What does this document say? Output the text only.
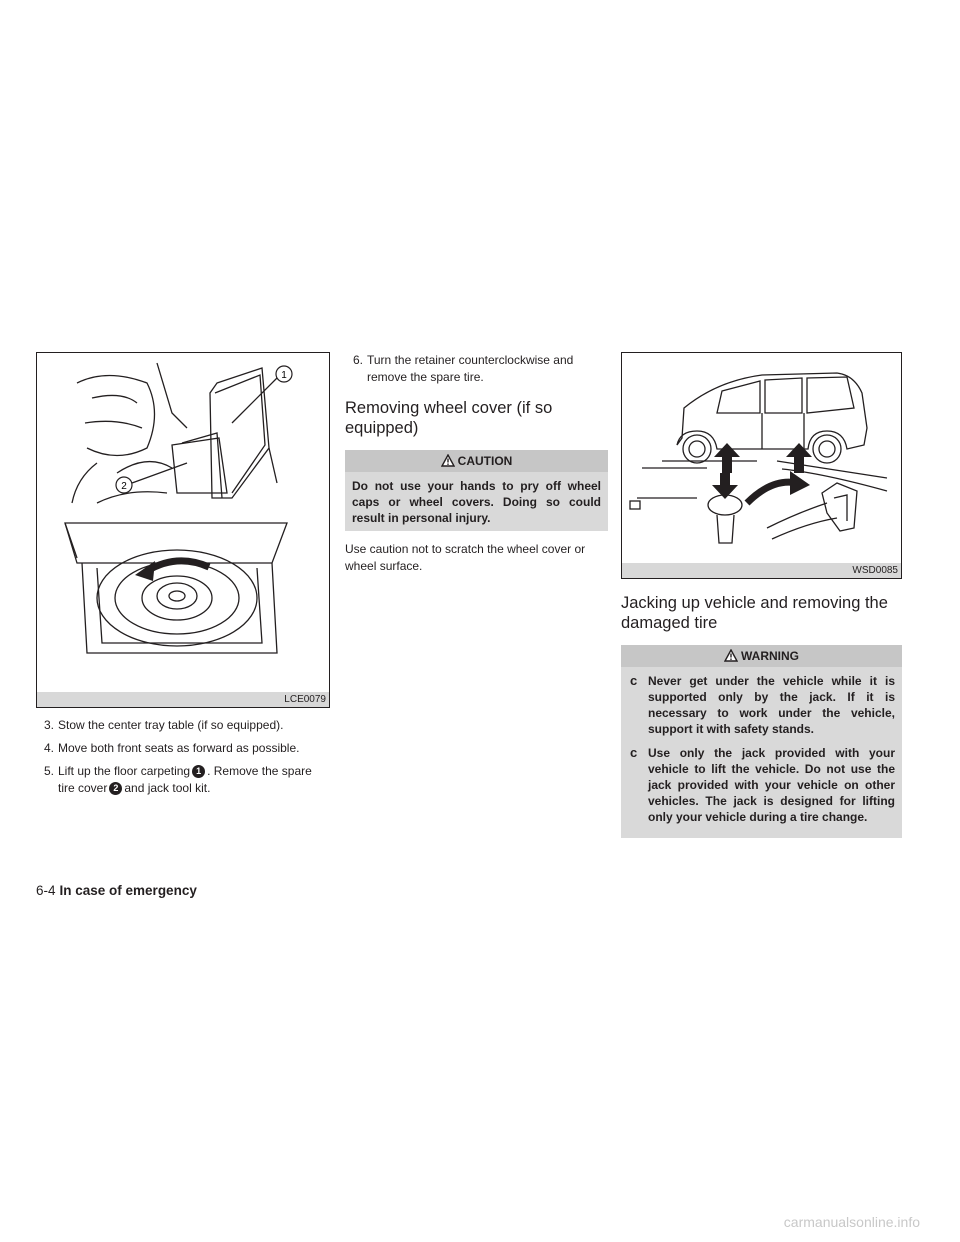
1
2
LCE0079
3. Stow the center tray table (if so equipped).
4. Move both front seats as forward as possible.
5. Lift up the floor carpeting 1 . Remove the spare tire cover 2 and jack tool kit.
6. Turn the retainer counterclockwise and remove the spare tire.
Removing wheel cover (if so equipped)
CAUTION
Do not use your hands to pry off wheel caps or wheel covers. Doing so could result in personal injury.

Use caution not to scratch the wheel cover or wheel surface.	WSD0085
Jacking up vehicle and removing the damaged tire
WARNING
c Never get under the vehicle while it is supported only by the jack. If it is necessary to work under the vehicle, support it with safety stands.
c Use only the jack provided with your vehicle to lift the vehicle. Do not use the jack provided with your vehicle on other vehicles. The jack is designed for lifting only your vehicle during a tire change.
6-4 In case of emergency
carmanualsonline.info
